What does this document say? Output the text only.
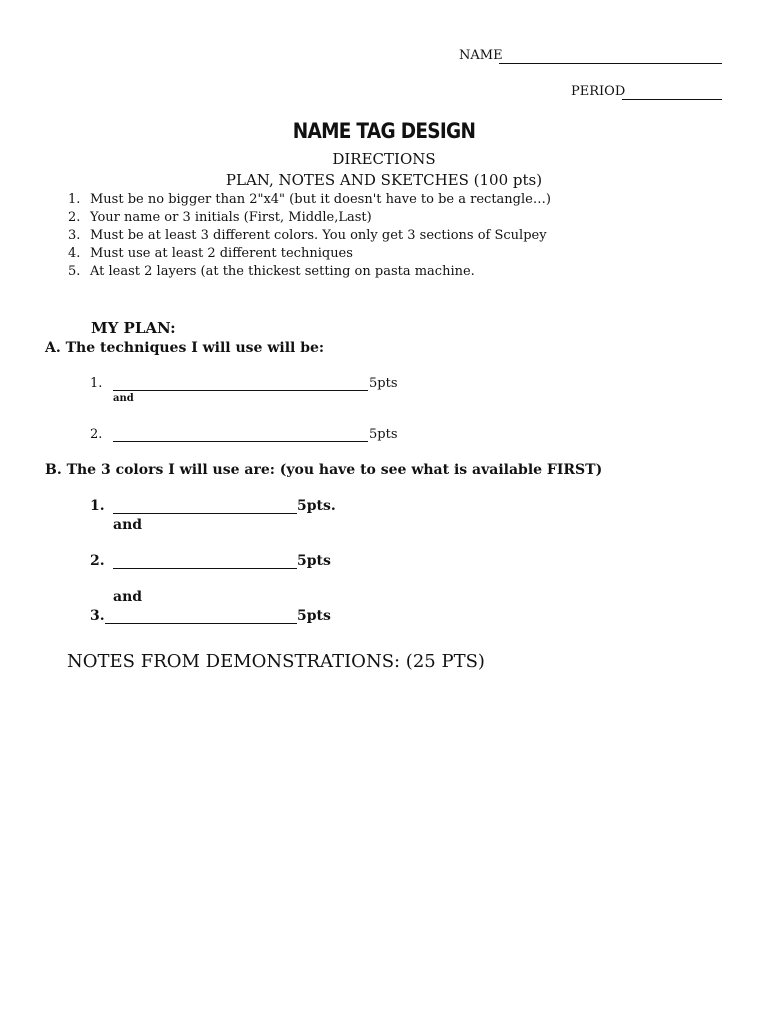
NAME
PERIOD
NAME TAG DESIGN
DIRECTIONS
PLAN, NOTES AND SKETCHES (100 pts)
1. Must be no bigger than 2"x4" (but it doesn't have to be a rectangle…)
2. Your name or 3 initials (First, Middle,Last)
3. Must be at least 3 different colors. You only get 3 sections of Sculpey
4. Must use at least 2 different techniques
5. At least 2 layers (at the thickest setting on pasta machine.
MY PLAN:
A. The techniques I will use will be:
1.	5pts
and
2.	5pts
B. The 3 colors I will use are: (you have to see what is available FIRST)
1.	5pts.
and
2.	5pts
and
3.	5pts
NOTES FROM DEMONSTRATIONS: (25 PTS)
